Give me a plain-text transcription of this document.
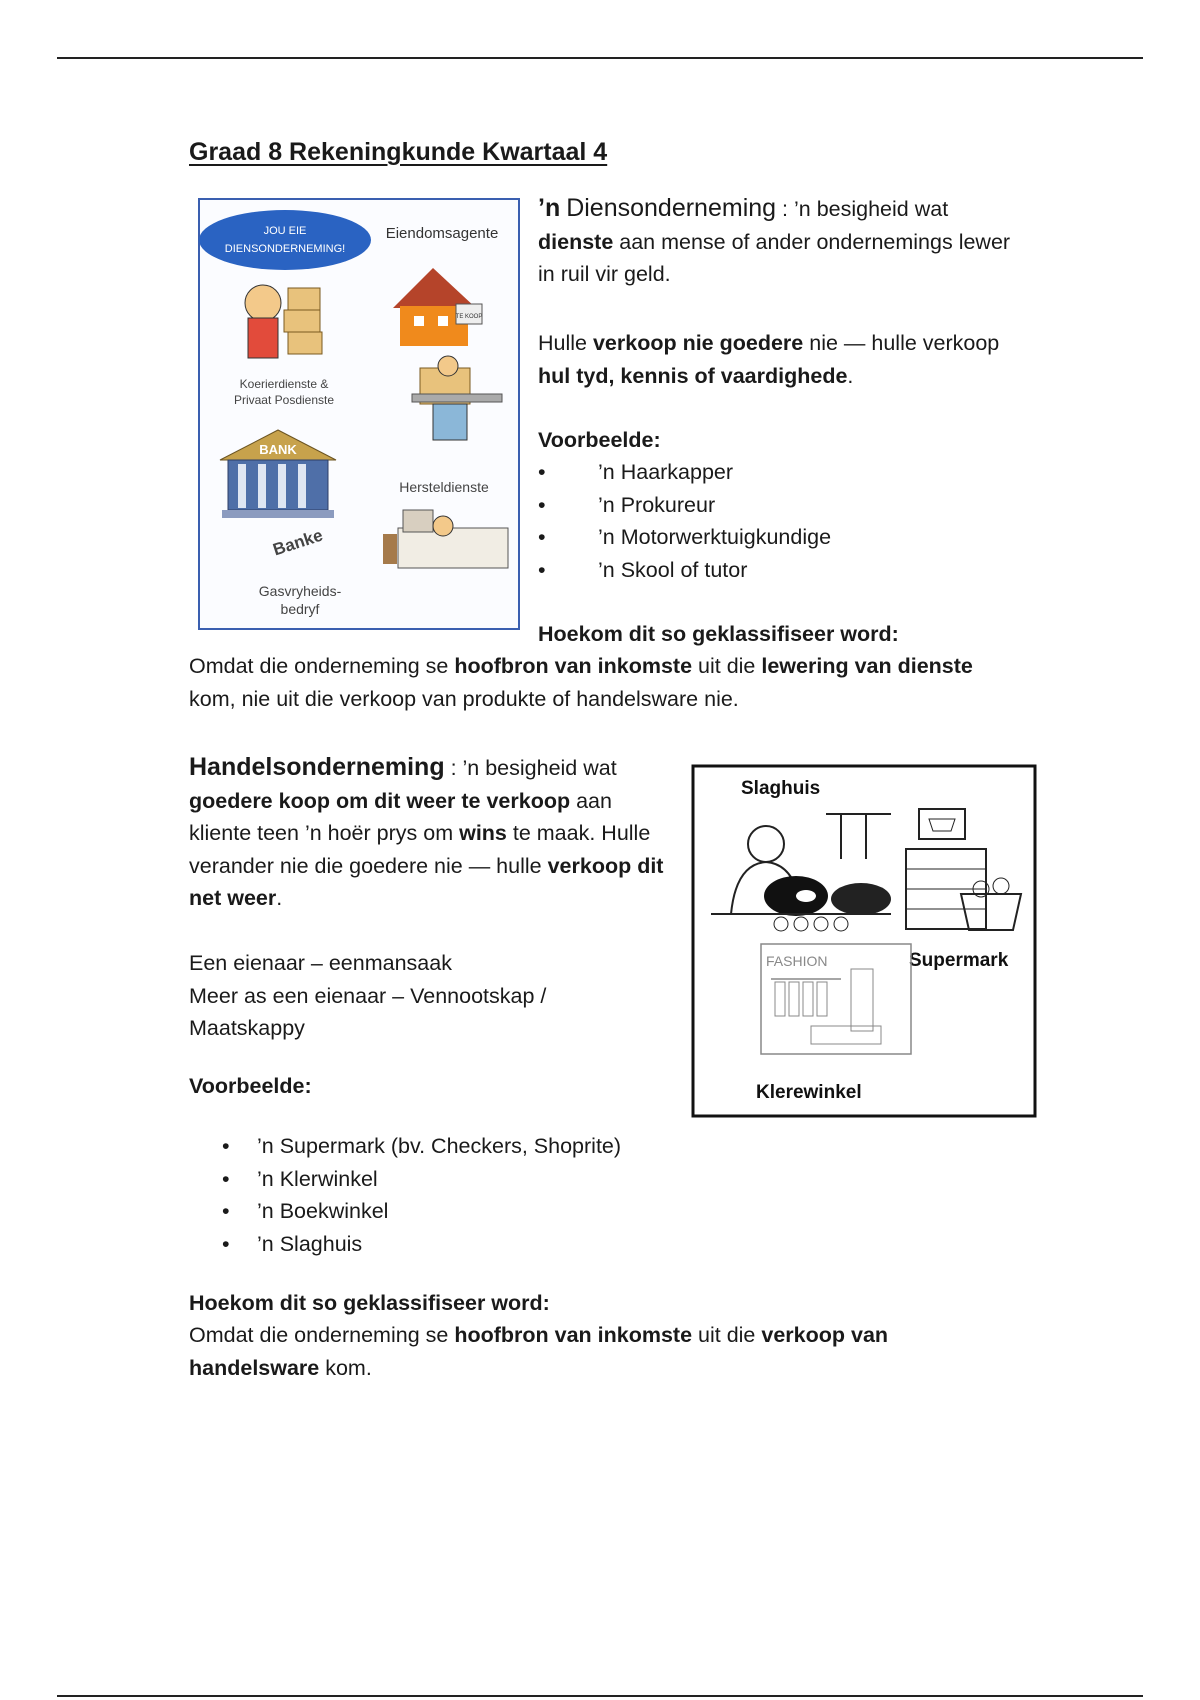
Graad 8 Rekeningkunde Kwartaal 4
JOU EIE
DIENSONDERNEMING!
Eiendomsagente
TE KOOP
Koerierdienste &
Privaat Posdienste
Hersteldienste
BANK
Banke
Gasvryheids-
bedryf

’n Diensonderneming : ’n besigheid wat
dienste aan mense of ander ondernemings lewer in ruil vir geld.

Hulle verkoop nie goedere nie — hulle verkoop hul tyd, kennis of vaardighede.

Voorbeelde:

• ’n Haarkapper
• ’n Prokureur
• ’n Motorwerktuigkundige
• ’n Skool of tutor

Hoekom dit so geklassifiseer word:

Omdat die onderneming se hoofbron van inkomste uit die lewering van dienste kom, nie uit die verkoop van produkte of handelsware nie.

Handelsonderneming : ’n besigheid wat goedere koop om dit weer te verkoop aan kliente teen ’n hoër prys om wins te maak. Hulle verander nie die goedere nie — hulle verkoop dit net weer.

Een eienaar – eenmansaak
Meer as een eienaar – Vennootskap / Maatskappy

Voorbeelde:

• ’n Supermark (bv. Checkers, Shoprite)
• ’n Klerwinkel
• ’n Boekwinkel
• ’n Slaghuis

Hoekom dit so geklassifiseer word:

Omdat die onderneming se hoofbron van inkomste uit die verkoop van handelsware kom.

Slaghuis
Supermark
FASHION
Klerewinkel
